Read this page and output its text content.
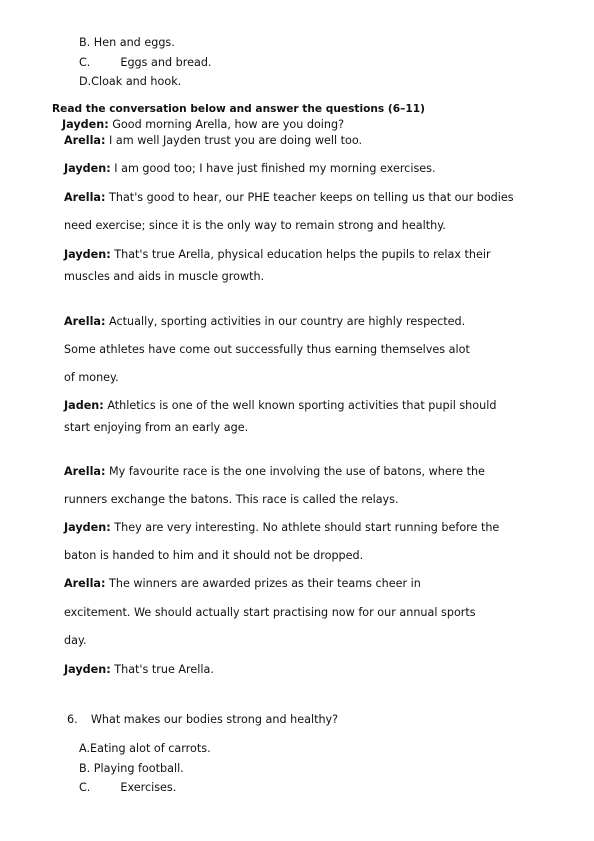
B. Hen and eggs.
C.	Eggs and bread.
D.Cloak and hook.
Read the conversation below and answer the questions (6–11)
Jayden: Good morning Arella, how are you doing?
Arella: I am well Jayden trust you are doing well too.
Jayden: I am good too; I have just finished my morning exercises.
Arella: That's good to hear, our PHE teacher keeps on telling us that our bodies
need exercise; since it is the only way to remain strong and healthy.
Jayden: That's true Arella, physical education helps the pupils to relax their
muscles and aids in muscle growth.
Arella: Actually, sporting activities in our country are highly respected.
Some athletes have come out successfully thus earning themselves alot
of money.
Jaden: Athletics is one of the well known sporting activities that pupil should
start enjoying from an early age.
Arella: My favourite race is the one involving the use of batons, where the
runners exchange the batons. This race is called the relays.
Jayden: They are very interesting. No athlete should start running before the
baton is handed to him and it should not be dropped.
Arella: The winners are awarded prizes as their teams cheer in
excitement. We should actually start practising now for our annual sports
day.
Jayden: That's true Arella.
6. What makes our bodies strong and healthy?
A.Eating alot of carrots.
B. Playing football.
C.	Exercises.
